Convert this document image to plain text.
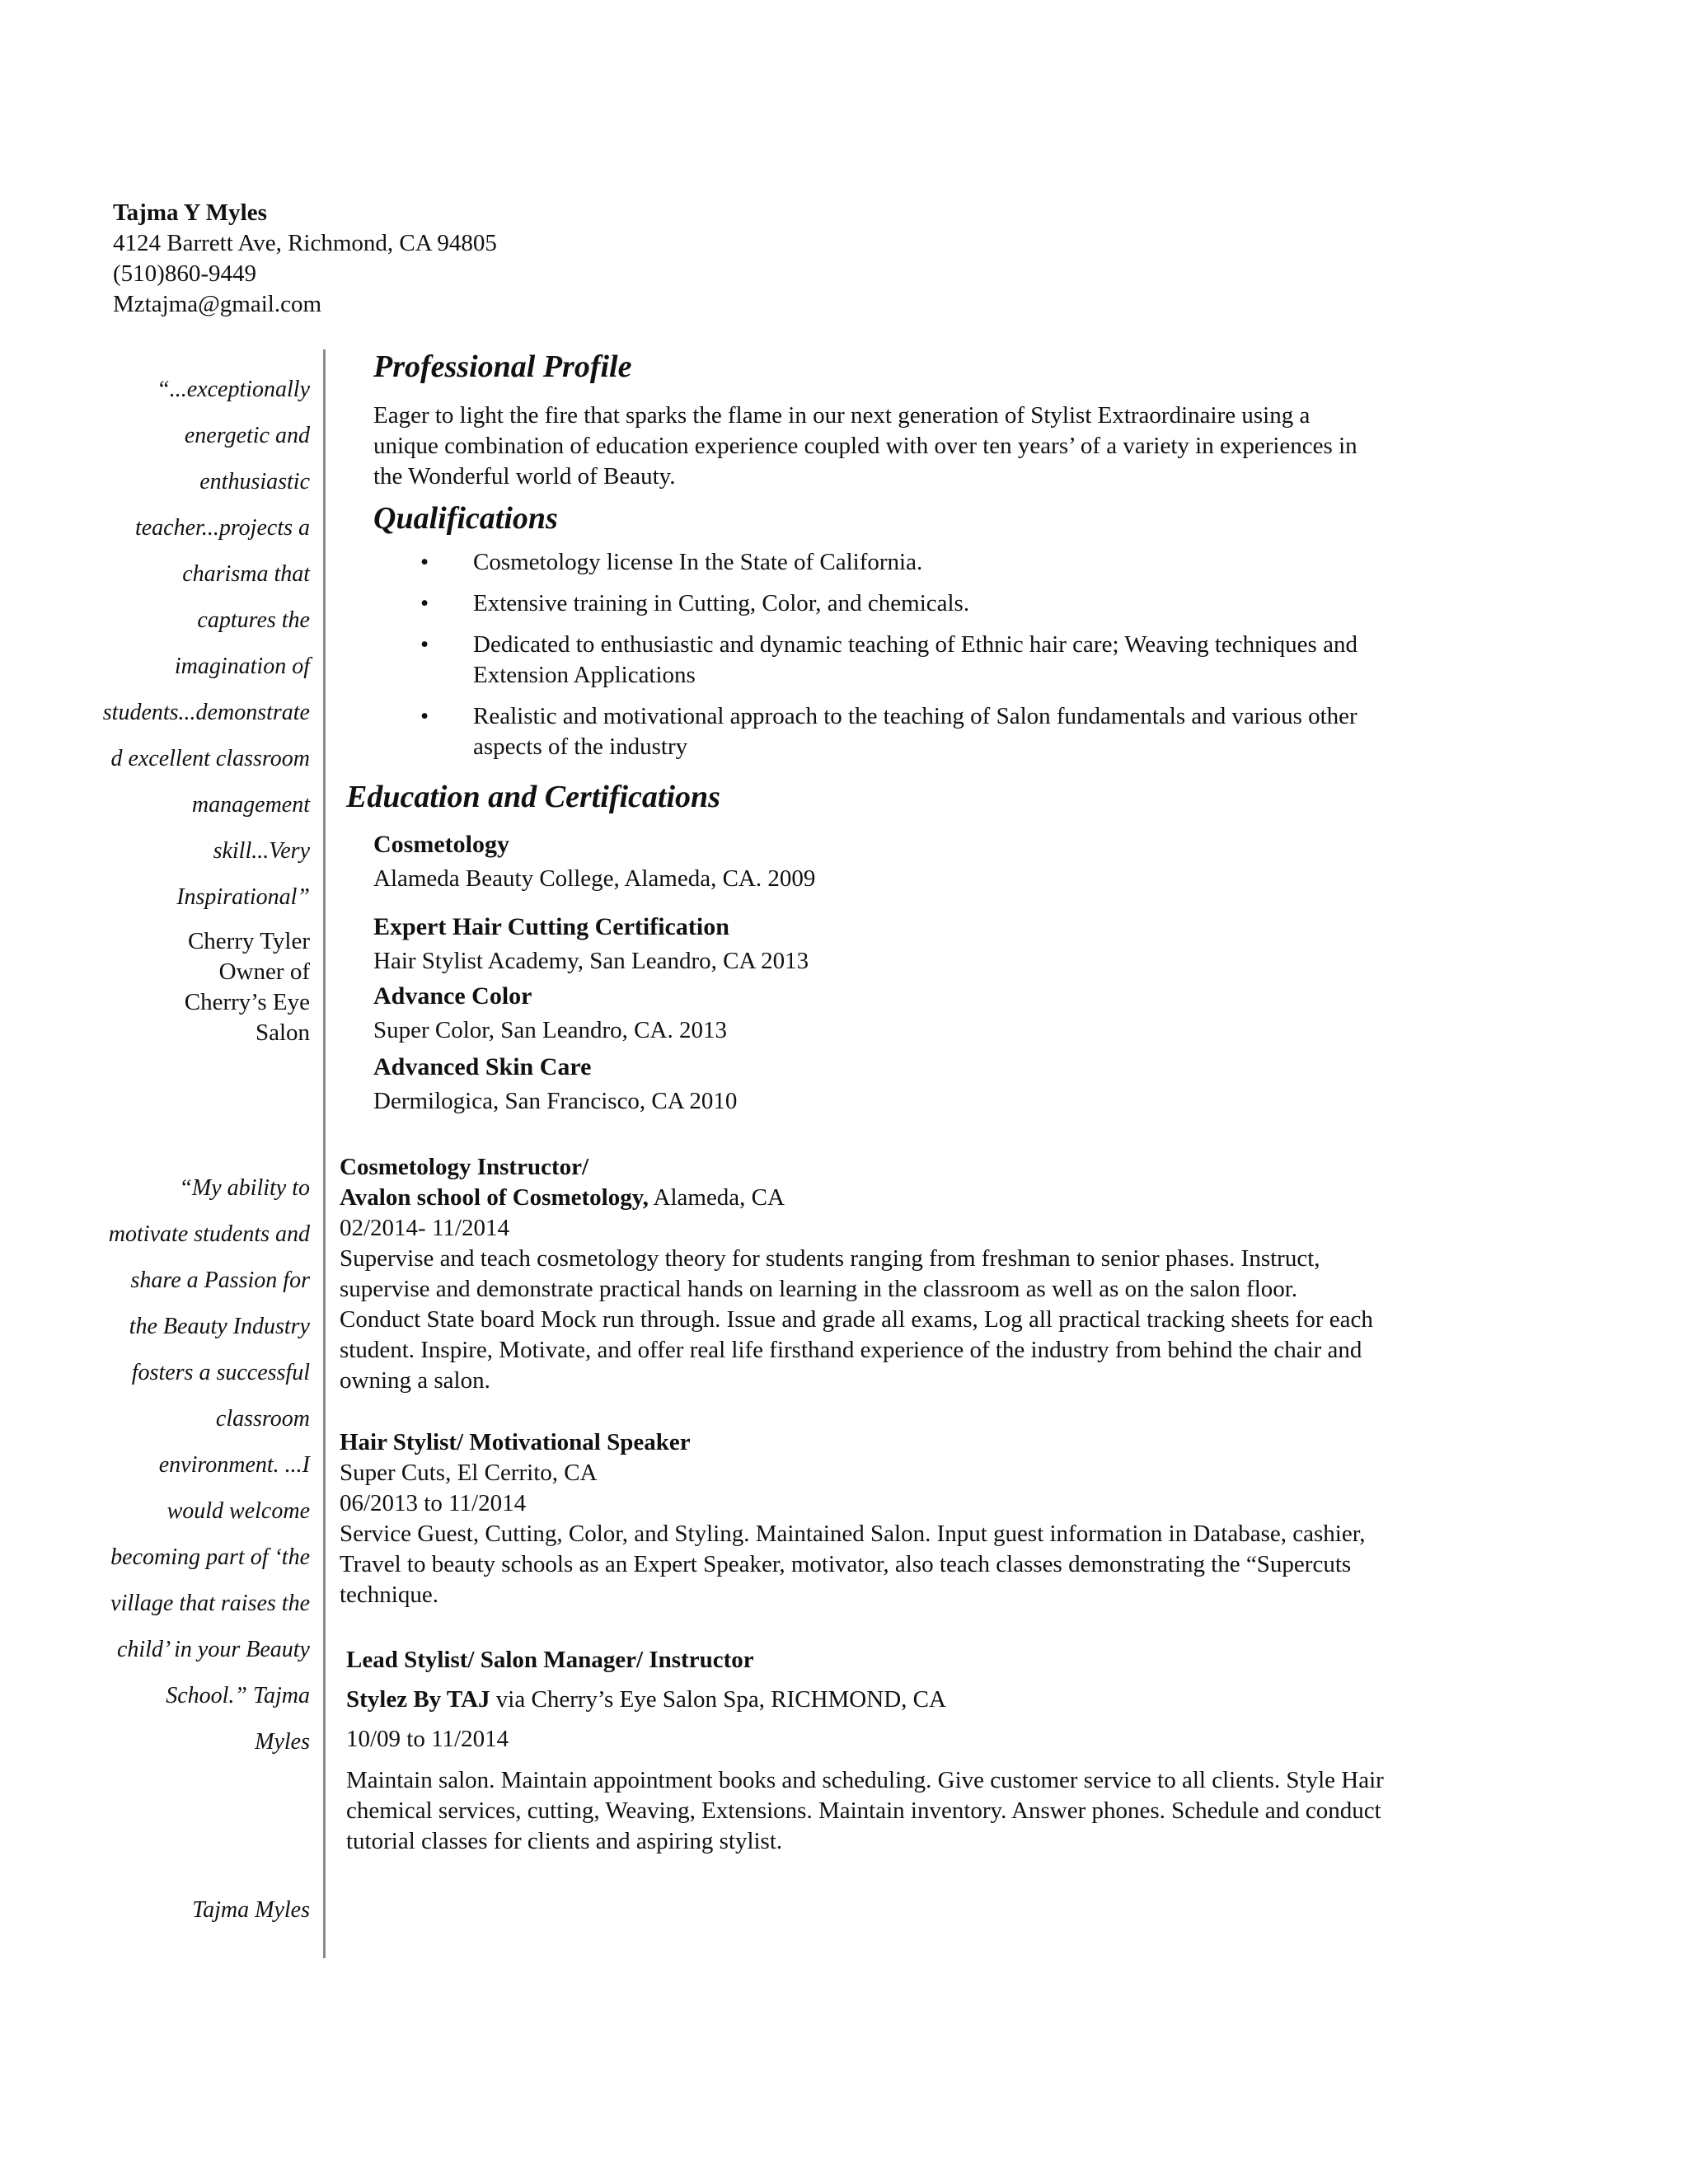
Tajma Y Myles
4124 Barrett Ave, Richmond, CA 94805
(510)860-9449
Mztajma@gmail.com
“...exceptionally
energetic and
enthusiastic
teacher...projects a
charisma that
captures the
imagination of
students...demonstrate
d excellent classroom
management
skill...Very
Inspirational”
Cherry Tyler
Owner of
Cherry’s Eye
Salon
“My ability to
motivate students and
share a Passion for
the Beauty Industry
fosters a successful
classroom
environment. ...I
would welcome
becoming part of ‘the
village that raises the
child’ in your Beauty
School.” Tajma
Myles
Tajma Myles
Professional Profile
Eager to light the fire that sparks the flame in our next generation of Stylist Extraordinaire using a
unique combination of education experience coupled with over ten years’ of a variety in experiences in
the Wonderful world of Beauty.
Qualifications
• Cosmetology license In the State of California.
• Extensive training in Cutting, Color, and chemicals.
• Dedicated to enthusiastic and dynamic teaching of Ethnic hair care; Weaving techniques and
Extension Applications
• Realistic and motivational approach to the teaching of Salon fundamentals and various other
aspects of the industry
Education and Certifications
Cosmetology
Alameda Beauty College, Alameda, CA. 2009
Expert Hair Cutting Certification
Hair Stylist Academy, San Leandro, CA 2013
Advance Color
Super Color, San Leandro, CA. 2013
Advanced Skin Care
Dermilogica, San Francisco, CA 2010
Cosmetology Instructor/
Avalon school of Cosmetology, Alameda, CA
02/2014- 11/2014
Supervise and teach cosmetology theory for students ranging from freshman to senior phases. Instruct,
supervise and demonstrate practical hands on learning in the classroom as well as on the salon floor.
Conduct State board Mock run through. Issue and grade all exams, Log all practical tracking sheets for each
student. Inspire, Motivate, and offer real life firsthand experience of the industry from behind the chair and
owning a salon.
Hair Stylist/ Motivational Speaker
Super Cuts, El Cerrito, CA
06/2013 to 11/2014
Service Guest, Cutting, Color, and Styling. Maintained Salon. Input guest information in Database, cashier,
Travel to beauty schools as an Expert Speaker, motivator, also teach classes demonstrating the “Supercuts
technique.
Lead Stylist/ Salon Manager/ Instructor
Stylez By TAJ via Cherry’s Eye Salon Spa, RICHMOND, CA
10/09 to 11/2014
Maintain salon. Maintain appointment books and scheduling. Give customer service to all clients. Style Hair
chemical services, cutting, Weaving, Extensions. Maintain inventory. Answer phones. Schedule and conduct
tutorial classes for clients and aspiring stylist.
